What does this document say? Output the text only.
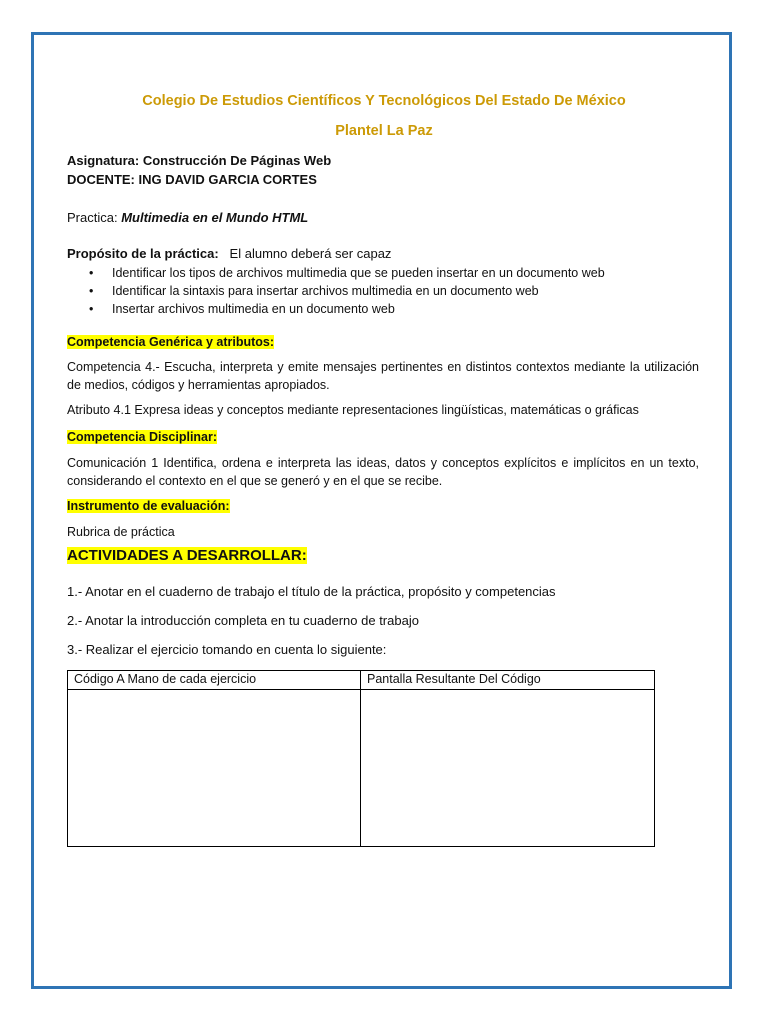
Colegio De Estudios Científicos Y Tecnológicos Del Estado De México
Plantel La Paz
Asignatura: Construcción De Páginas Web
DOCENTE: ING DAVID GARCIA CORTES
Practica: Multimedia en el Mundo HTML
Propósito de la práctica: El alumno deberá ser capaz
• Identificar los tipos de archivos multimedia que se pueden insertar en un documento web
• Identificar la sintaxis para insertar archivos multimedia en un documento web
• Insertar archivos multimedia en un documento web
Competencia Genérica y atributos:
Competencia 4.- Escucha, interpreta y emite mensajes pertinentes en distintos contextos mediante la utilización de medios, códigos y herramientas apropiados.
Atributo 4.1 Expresa ideas y conceptos mediante representaciones lingüísticas, matemáticas o gráficas
Competencia Disciplinar:
Comunicación 1 Identifica, ordena e interpreta las ideas, datos y conceptos explícitos e implícitos en un texto, considerando el contexto en el que se generó y en el que se recibe.
Instrumento de evaluación:
Rubrica de práctica
ACTIVIDADES A DESARROLLAR:
1.- Anotar en el cuaderno de trabajo el título de la práctica, propósito y competencias
2.- Anotar la introducción completa en tu cuaderno de trabajo
3.- Realizar el ejercicio tomando en cuenta lo siguiente:
Código A Mano de cada ejercicio	Pantalla Resultante Del Código
